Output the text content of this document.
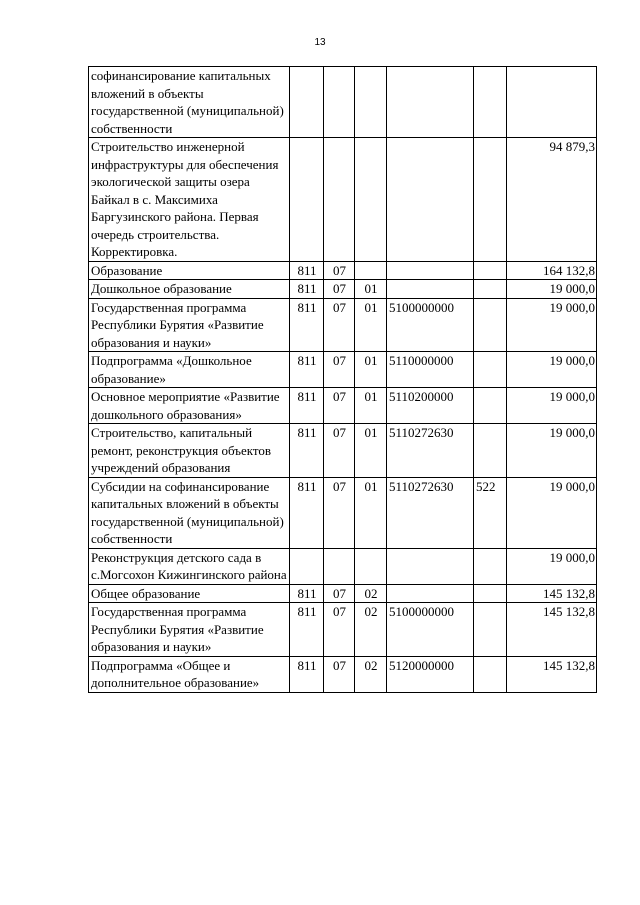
13
софинансирование капитальных вложений в объекты государственной (муниципальной) собственности						
Строительство инженерной инфраструктуры для обеспечения экологической защиты озера Байкал в с. Максимиха Баргузинского района. Первая очередь строительства. Корректировка.						94 879,3
Образование	811	07				164 132,8
Дошкольное образование	811	07	01			19 000,0
Государственная программа Республики Бурятия «Развитие образования и науки»	811	07	01	5100000000		19 000,0
Подпрограмма «Дошкольное образование»	811	07	01	5110000000		19 000,0
Основное мероприятие «Развитие дошкольного образования»	811	07	01	5110200000		19 000,0
Строительство, капитальный ремонт, реконструкция объектов учреждений образования	811	07	01	5110272630		19 000,0
Субсидии на софинансирование капитальных вложений в объекты государственной (муниципальной) собственности	811	07	01	5110272630	522	19 000,0
Реконструкция детского сада в с.Могсохон Кижингинского района						19 000,0
Общее образование	811	07	02			145 132,8
Государственная программа Республики Бурятия «Развитие образования и науки»	811	07	02	5100000000		145 132,8
Подпрограмма «Общее и дополнительное образование»	811	07	02	5120000000		145 132,8
